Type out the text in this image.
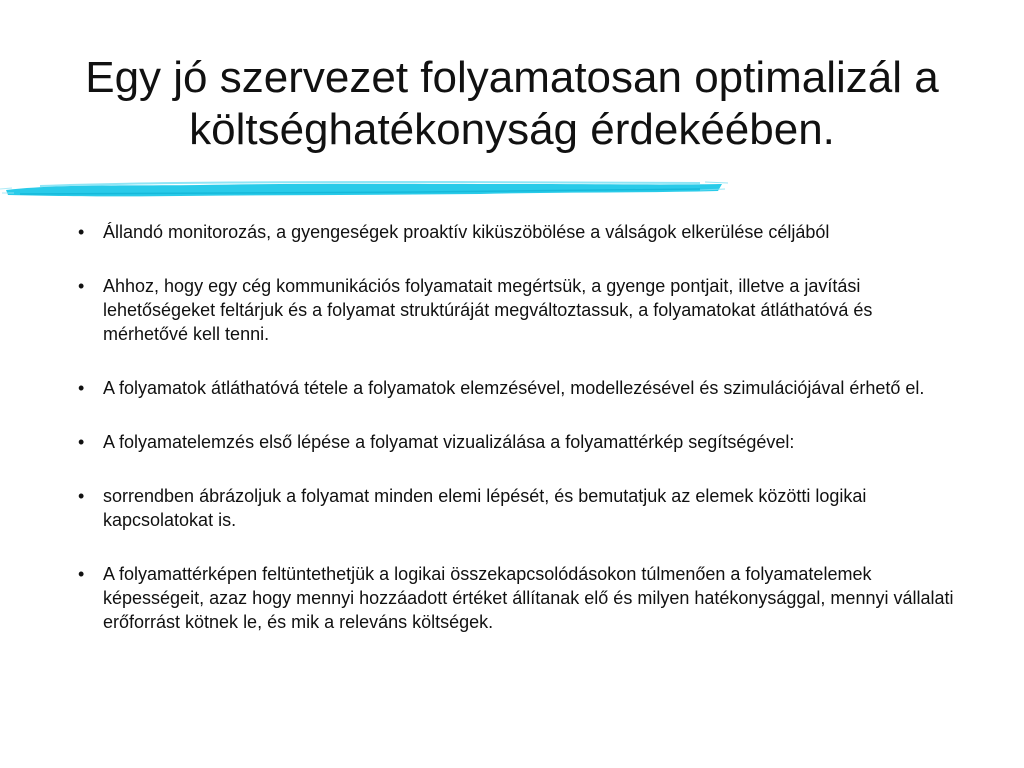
Egy jó szervezet folyamatosan optimalizál a költséghatékonyság érdekéében.
• Állandó monitorozás, a gyengeségek proaktív kiküszöbölése a válságok elkerülése céljából
• Ahhoz, hogy egy cég kommunikációs folyamatait megértsük, a gyenge pontjait, illetve a javítási lehetőségeket feltárjuk és a folyamat struktúráját megváltoztassuk, a folyamatokat átláthatóvá és mérhetővé kell tenni.
• A folyamatok átláthatóvá tétele a folyamatok elemzésével, modellezésével és szimulációjával érhető el.
• A folyamatelemzés első lépése a folyamat vizualizálása a folyamattérkép segítségével:
• sorrendben ábrázoljuk a folyamat minden elemi lépését, és bemutatjuk az elemek közötti logikai kapcsolatokat is.
• A folyamattérképen feltüntethetjük a logikai összekapcsolódásokon túlmenően a folyamatelemek képességeit, azaz hogy mennyi hozzáadott értéket állítanak elő és milyen hatékonysággal, mennyi vállalati erőforrást kötnek le, és mik a releváns költségek.
